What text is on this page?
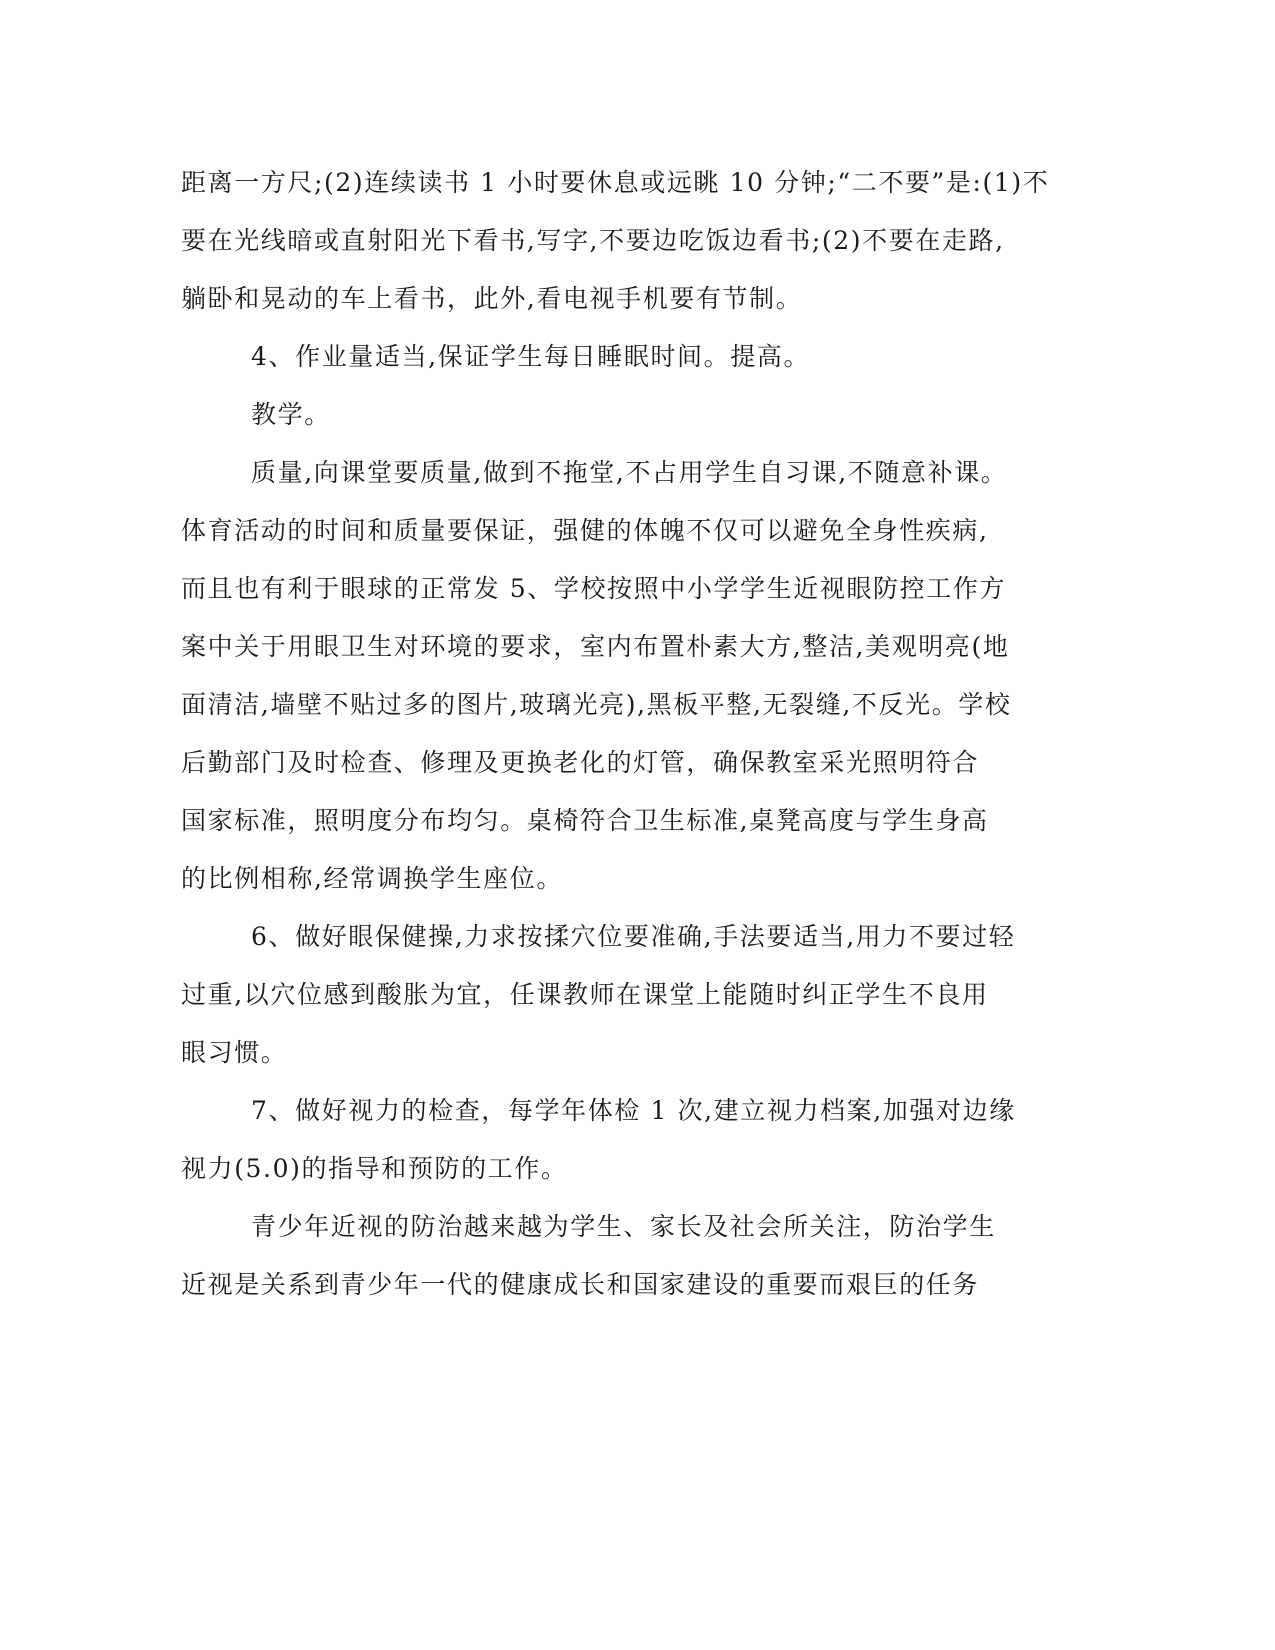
距离一方尺;(2)连续读书 1 小时要休息或远眺 10 分钟;“二不要”是:(1)不
要在光线暗或直射阳光下看书,写字,不要边吃饭边看书;(2)不要在走路,
躺卧和晃动的车上看书，此外,看电视手机要有节制。
4、作业量适当,保证学生每日睡眠时间。提高。
教学。
质量,向课堂要质量,做到不拖堂,不占用学生自习课,不随意补课。
体育活动的时间和质量要保证，强健的体魄不仅可以避免全身性疾病,
而且也有利于眼球的正常发 5、学校按照中小学学生近视眼防控工作方
案中关于用眼卫生对环境的要求，室内布置朴素大方,整洁,美观明亮(地
面清洁,墙壁不贴过多的图片,玻璃光亮),黑板平整,无裂缝,不反光。学校
后勤部门及时检查、修理及更换老化的灯管，确保教室采光照明符合
国家标准，照明度分布均匀。桌椅符合卫生标准,桌凳高度与学生身高
的比例相称,经常调换学生座位。
6、做好眼保健操,力求按揉穴位要准确,手法要适当,用力不要过轻
过重,以穴位感到酸胀为宜，任课教师在课堂上能随时纠正学生不良用
眼习惯。
7、做好视力的检查，每学年体检 1 次,建立视力档案,加强对边缘
视力(5.0)的指导和预防的工作。
青少年近视的防治越来越为学生、家长及社会所关注，防治学生
近视是关系到青少年一代的健康成长和国家建设的重要而艰巨的任务
